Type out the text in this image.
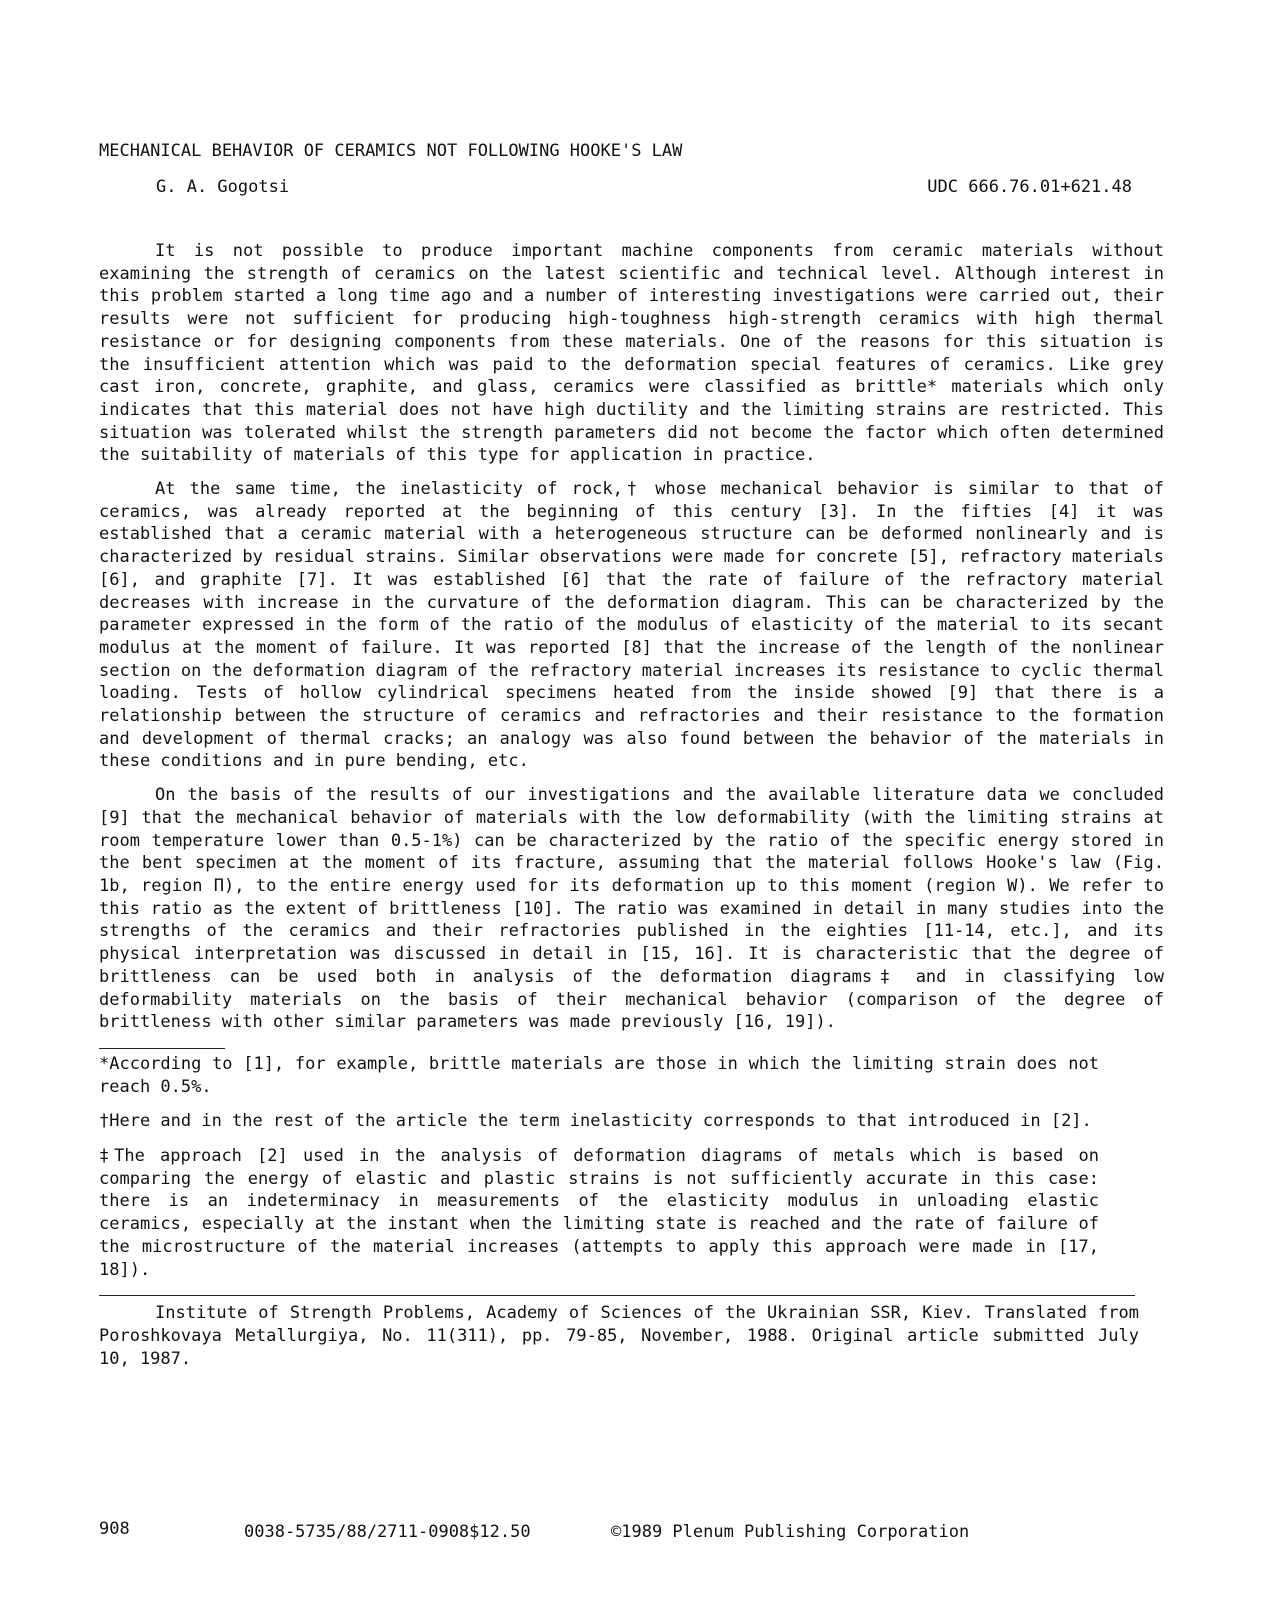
MECHANICAL BEHAVIOR OF CERAMICS NOT FOLLOWING HOOKE'S LAW
G. A. Gogotsi	UDC 666.76.01+621.48

It is not possible to produce important machine components from ceramic materials without examining the strength of ceramics on the latest scientific and technical level. Although interest in this problem started a long time ago and a number of interesting investigations were carried out, their results were not sufficient for producing high-toughness high-strength ceramics with high thermal resistance or for designing components from these materials. One of the reasons for this situation is the insufficient attention which was paid to the deformation special features of ceramics. Like grey cast iron, concrete, graphite, and glass, ceramics were classified as brittle* materials which only indicates that this material does not have high ductility and the limiting strains are restricted. This situation was tolerated whilst the strength parameters did not become the factor which often determined the suitability of materials of this type for application in practice.

At the same time, the inelasticity of rock,† whose mechanical behavior is similar to that of ceramics, was already reported at the beginning of this century [3]. In the fifties [4] it was established that a ceramic material with a heterogeneous structure can be deformed nonlinearly and is characterized by residual strains. Similar observations were made for concrete [5], refractory materials [6], and graphite [7]. It was established [6] that the rate of failure of the refractory material decreases with increase in the curvature of the deformation diagram. This can be characterized by the parameter expressed in the form of the ratio of the modulus of elasticity of the material to its secant modulus at the moment of failure. It was reported [8] that the increase of the length of the nonlinear section on the deformation diagram of the refractory material increases its resistance to cyclic thermal loading. Tests of hollow cylindrical specimens heated from the inside showed [9] that there is a relationship between the structure of ceramics and refractories and their resistance to the formation and development of thermal cracks; an analogy was also found between the behavior of the materials in these conditions and in pure bending, etc.

On the basis of the results of our investigations and the available literature data we concluded [9] that the mechanical behavior of materials with the low deformability (with the limiting strains at room temperature lower than 0.5-1%) can be characterized by the ratio of the specific energy stored in the bent specimen at the moment of its fracture, assuming that the material follows Hooke's law (Fig. 1b, region Π), to the entire energy used for its deformation up to this moment (region W). We refer to this ratio as the extent of brittleness [10]. The ratio was examined in detail in many studies into the strengths of the ceramics and their refractories published in the eighties [11-14, etc.], and its physical interpretation was discussed in detail in [15, 16]. It is characteristic that the degree of brittleness can be used both in analysis of the deformation diagrams‡ and in classifying low deformability materials on the basis of their mechanical behavior (comparison of the degree of brittleness with other similar parameters was made previously [16, 19]).

*According to [1], for example, brittle materials are those in which the limiting strain does not reach 0.5%.

†Here and in the rest of the article the term inelasticity corresponds to that introduced in [2].

‡The approach [2] used in the analysis of deformation diagrams of metals which is based on comparing the energy of elastic and plastic strains is not sufficiently accurate in this case: there is an indeterminacy in measurements of the elasticity modulus in unloading elastic ceramics, especially at the instant when the limiting state is reached and the rate of failure of the microstructure of the material increases (attempts to apply this approach were made in [17, 18]).

Institute of Strength Problems, Academy of Sciences of the Ukrainian SSR, Kiev. Translated from Poroshkovaya Metallurgiya, No. 11(311), pp. 79-85, November, 1988. Original article submitted July 10, 1987.

908	0038-5735/88/2711-0908$12.50	©1989 Plenum Publishing Corporation
